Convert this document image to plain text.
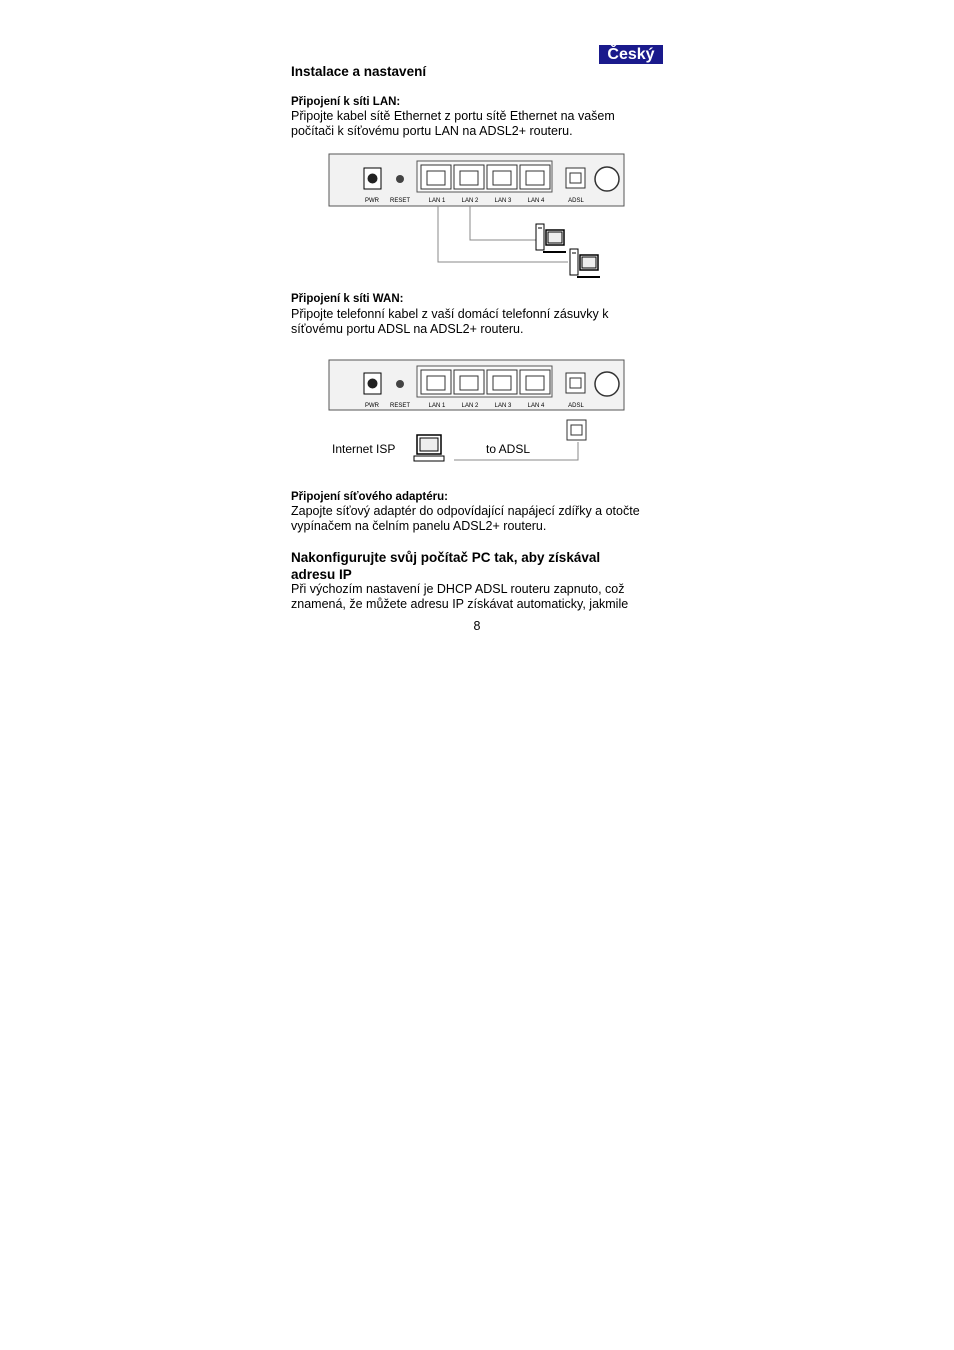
Český
Instalace a nastavení
Připojení k síti LAN:
Připojte kabel sítě Ethernet z portu sítě Ethernet na vašem
počítači k síťovému portu LAN na ADSL2+ routeru.
PWR RESET	LAN 1	LAN 2	LAN 3	LAN 4	ADSL
Připojení k síti WAN:
Připojte telefonní kabel z vaší domácí telefonní zásuvky k
síťovému portu ADSL na ADSL2+ routeru.
PWR RESET	LAN 1	LAN 2	LAN 3	LAN 4	ADSL
Internet ISP	to ADSL
Připojení síťového adaptéru:
Zapojte síťový adaptér do odpovídající napájecí zdířky a otočte
vypínačem na čelním panelu ADSL2+ routeru.
Nakonfigurujte svůj počítač PC tak, aby získával
adresu IP
Při výchozím nastavení je DHCP ADSL routeru zapnuto, což
znamená, že můžete adresu IP získávat automaticky, jakmile
8
